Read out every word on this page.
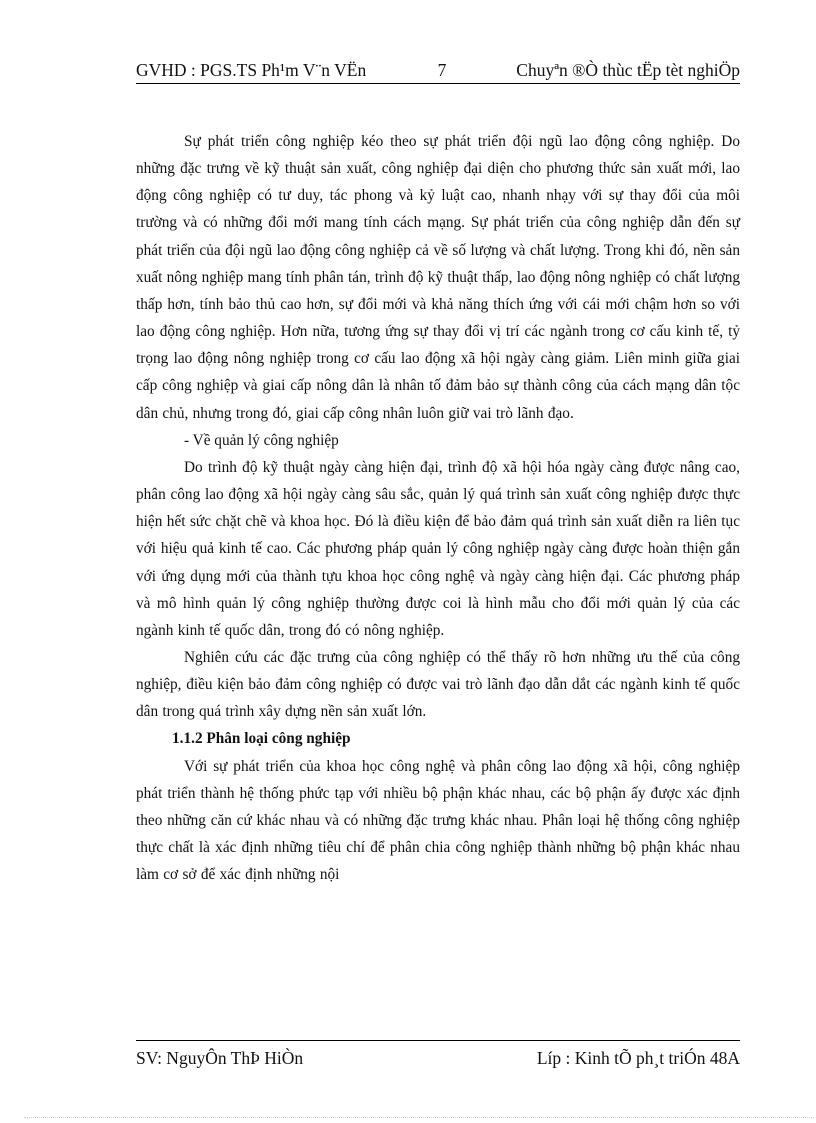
GVHD : PGS.TS Ph¹m V¨n VËn	7	Chuyªn ®Ò thùc tËp tèt nghiÖp

Sự phát triển công nghiệp kéo theo sự phát triển đội ngũ lao động công nghiệp. Do những đặc trưng về kỹ thuật sản xuất, công nghiệp đại diện cho phương thức sản xuất mới, lao động công nghiệp có tư duy, tác phong và kỷ luật cao, nhanh nhạy với sự thay đổi của môi trường và có những đổi mới mang tính cách mạng. Sự phát triển của công nghiệp dẫn đến sự phát triển của đội ngũ lao động công nghiệp cả về số lượng và chất lượng. Trong khi đó, nền sản xuất nông nghiệp mang tính phân tán, trình độ kỹ thuật thấp, lao động nông nghiệp có chất lượng thấp hơn, tính bảo thủ cao hơn, sự đổi mới và khả năng thích ứng với cái mới chậm hơn so với lao động công nghiệp. Hơn nữa, tương ứng sự thay đổi vị trí các ngành trong cơ cấu kinh tế, tỷ trọng lao động nông nghiệp trong cơ cấu lao động xã hội ngày càng giảm. Liên minh giữa giai cấp công nghiệp và giai cấp nông dân là nhân tố đảm bảo sự thành công của cách mạng dân tộc dân chủ, nhưng trong đó, giai cấp công nhân luôn giữ vai trò lãnh đạo.

- Về quản lý công nghiệp

Do trình độ kỹ thuật ngày càng hiện đại, trình độ xã hội hóa ngày càng được nâng cao, phân công lao động xã hội ngày càng sâu sắc, quản lý quá trình sản xuất công nghiệp được thực hiện hết sức chặt chẽ và khoa học. Đó là điều kiện để bảo đảm quá trình sản xuất diễn ra liên tục với hiệu quả kinh tế cao. Các phương pháp quản lý công nghiệp ngày càng được hoàn thiện gắn với ứng dụng mới của thành tựu khoa học công nghệ và ngày càng hiện đại. Các phương pháp và mô hình quản lý công nghiệp thường được coi là hình mẫu cho đổi mới quản lý của các ngành kinh tế quốc dân, trong đó có nông nghiệp.

Nghiên cứu các đặc trưng của công nghiệp có thể thấy rõ hơn những ưu thế của công nghiệp, điều kiện bảo đảm công nghiệp có được vai trò lãnh đạo dẫn dắt các ngành kinh tế quốc dân trong quá trình xây dựng nền sản xuất lớn.

1.1.2 Phân loại công nghiệp

Với sự phát triển của khoa học công nghệ và phân công lao động xã hội, công nghiệp phát triển thành hệ thống phức tạp với nhiều bộ phận khác nhau, các bộ phận ấy được xác định theo những căn cứ khác nhau và có những đặc trưng khác nhau. Phân loại hệ thống công nghiệp thực chất là xác định những tiêu chí để phân chia công nghiệp thành những bộ phận khác nhau làm cơ sở để xác định những nội

SV: NguyÔn ThÞ HiÒn	Líp : Kinh tÕ ph¸t triÓn 48A
